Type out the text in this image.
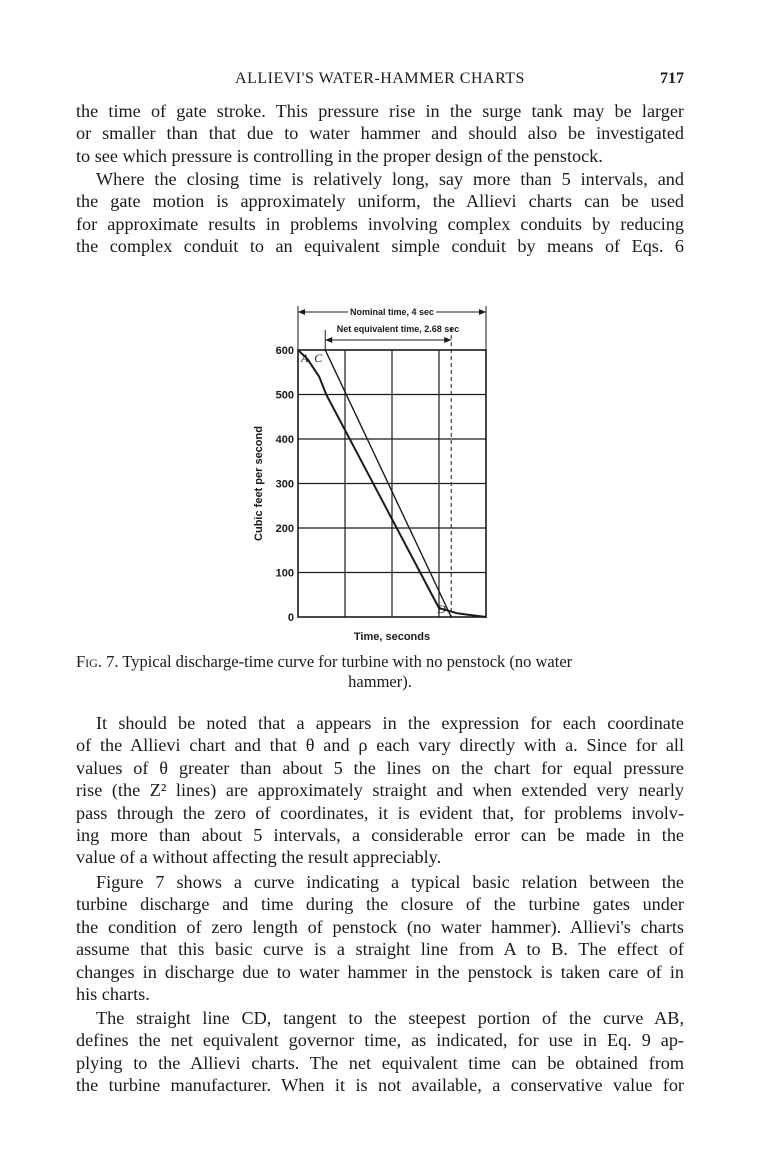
ALLIEVI'S WATER-HAMMER CHARTS	717
the time of gate stroke. This pressure rise in the surge tank may be larger
or smaller than that due to water hammer and should also be investigated
to see which pressure is controlling in the proper design of the penstock.
Where the closing time is relatively long, say more than 5 intervals, and
the gate motion is approximately uniform, the Allievi charts can be used
for approximate results in problems involving complex conduits by reducing
the complex conduit to an equivalent simple conduit by means of Eqs. 6
0
100
200
300
400
500
600
Cubic feet per second
Time, seconds
Nominal time, 4 sec
Net equivalent time, 2.68 sec
A C
D

Fig. 7. Typical discharge-time curve for turbine with no penstock (no water
hammer).

It should be noted that a appears in the expression for each coordinate
of the Allievi chart and that θ and ρ each vary directly with a. Since for all
values of θ greater than about 5 the lines on the chart for equal pressure
rise (the Z² lines) are approximately straight and when extended very nearly
pass through the zero of coordinates, it is evident that, for problems involv-
ing more than about 5 intervals, a considerable error can be made in the
value of a without affecting the result appreciably.
Figure 7 shows a curve indicating a typical basic relation between the
turbine discharge and time during the closure of the turbine gates under
the condition of zero length of penstock (no water hammer). Allievi's charts
assume that this basic curve is a straight line from A to B. The effect of
changes in discharge due to water hammer in the penstock is taken care of in
his charts.
The straight line CD, tangent to the steepest portion of the curve AB,
defines the net equivalent governor time, as indicated, for use in Eq. 9 ap-
plying to the Allievi charts. The net equivalent time can be obtained from
the turbine manufacturer. When it is not available, a conservative value for
